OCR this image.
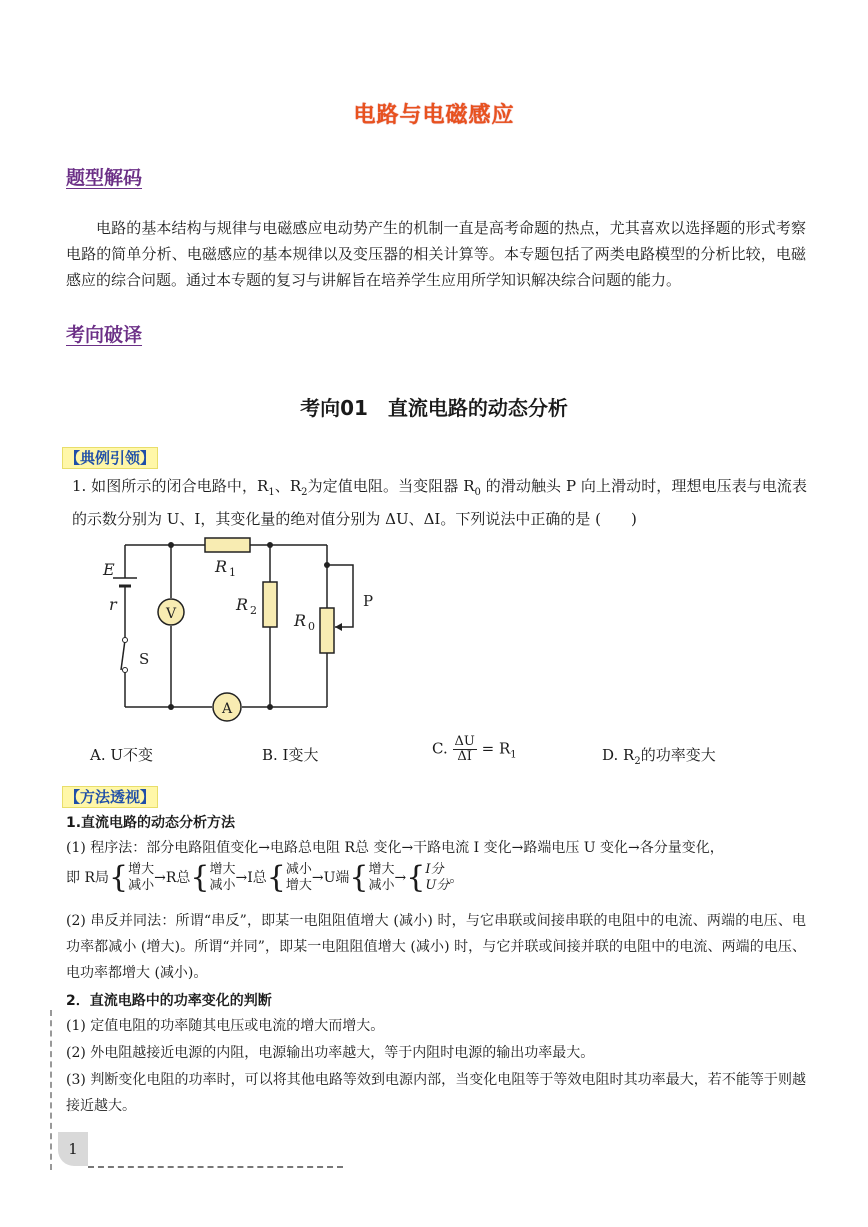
电路与电磁感应
题型解码
电路的基本结构与规律与电磁感应电动势产生的机制一直是高考命题的热点，尤其喜欢以选择题的形式考察电路的简单分析、电磁感应的基本规律以及变压器的相关计算等。本专题包括了两类电路模型的分析比较，电磁感应的综合问题。通过本专题的复习与讲解旨在培养学生应用所学知识解决综合问题的能力。
考向破译
考向01　直流电路的动态分析
【典例引领】
1. 如图所示的闭合电路中，$R_1$、$R_2$为定值电阻。当变阻器 $R_0$ 的滑动触头 P 向上滑动时，理想电压表与电流表的示数分别为 U、I，其变化量的绝对值分别为 ΔU、ΔI。下列说法中正确的是 (　　)
V
A
E
r
S
R 1
R 2
R 0
P
A. U不变	B. I变大	C. $\frac{\Delta U}{\Delta I} = R_1$	D. $R_2$的功率变大
【方法透视】
1.直流电路的动态分析方法
(1) 程序法：部分电路阻值变化→电路总电阻 R总 变化→干路电流 I 变化→路端电压 U 变化→各分量变化，
即 R局{ 增大
减小 →R总{ 增大
减小 →I总{ 减小
增大 →U端{ 增大
减小 →{ I分
U分 。
(2) 串反并同法：所谓“串反”，即某一电阻阻值增大 (减小) 时，与它串联或间接串联的电阻中的电流、两端的电压、电功率都减小 (增大)。所谓“并同”，即某一电阻阻值增大 (减小) 时，与它并联或间接并联的电阻中的电流、两端的电压、电功率都增大 (减小)。
2．直流电路中的功率变化的判断
(1) 定值电阻的功率随其电压或电流的增大而增大。
(2) 外电阻越接近电源的内阻，电源输出功率越大，等于内阻时电源的输出功率最大。
(3) 判断变化电阻的功率时，可以将其他电路等效到电源内部，当变化电阻等于等效电阻时其功率最大，若不能等于则越接近越大。
1
